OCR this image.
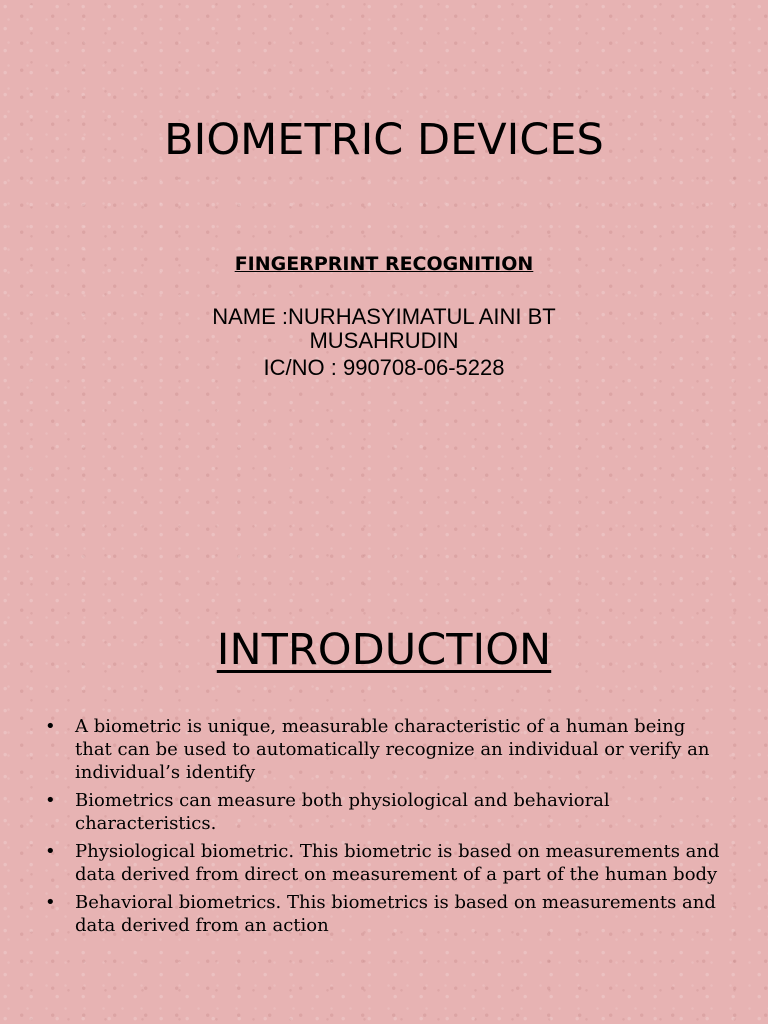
BIOMETRIC DEVICES
FINGERPRINT RECOGNITION
NAME :NURHASYIMATUL AINI BT
MUSAHRUDIN
IC/NO : 990708-06-5228
INTRODUCTION
• A biometric is unique, measurable characteristic of a human being that can be used to automatically recognize an individual or verify an individual’s identify
• Biometrics can measure both physiological and behavioral characteristics.
• Physiological biometric. This biometric is based on measurements and data derived from direct on measurement of a part of the human body
• Behavioral biometrics. This biometrics is based on measurements and data derived from an action
